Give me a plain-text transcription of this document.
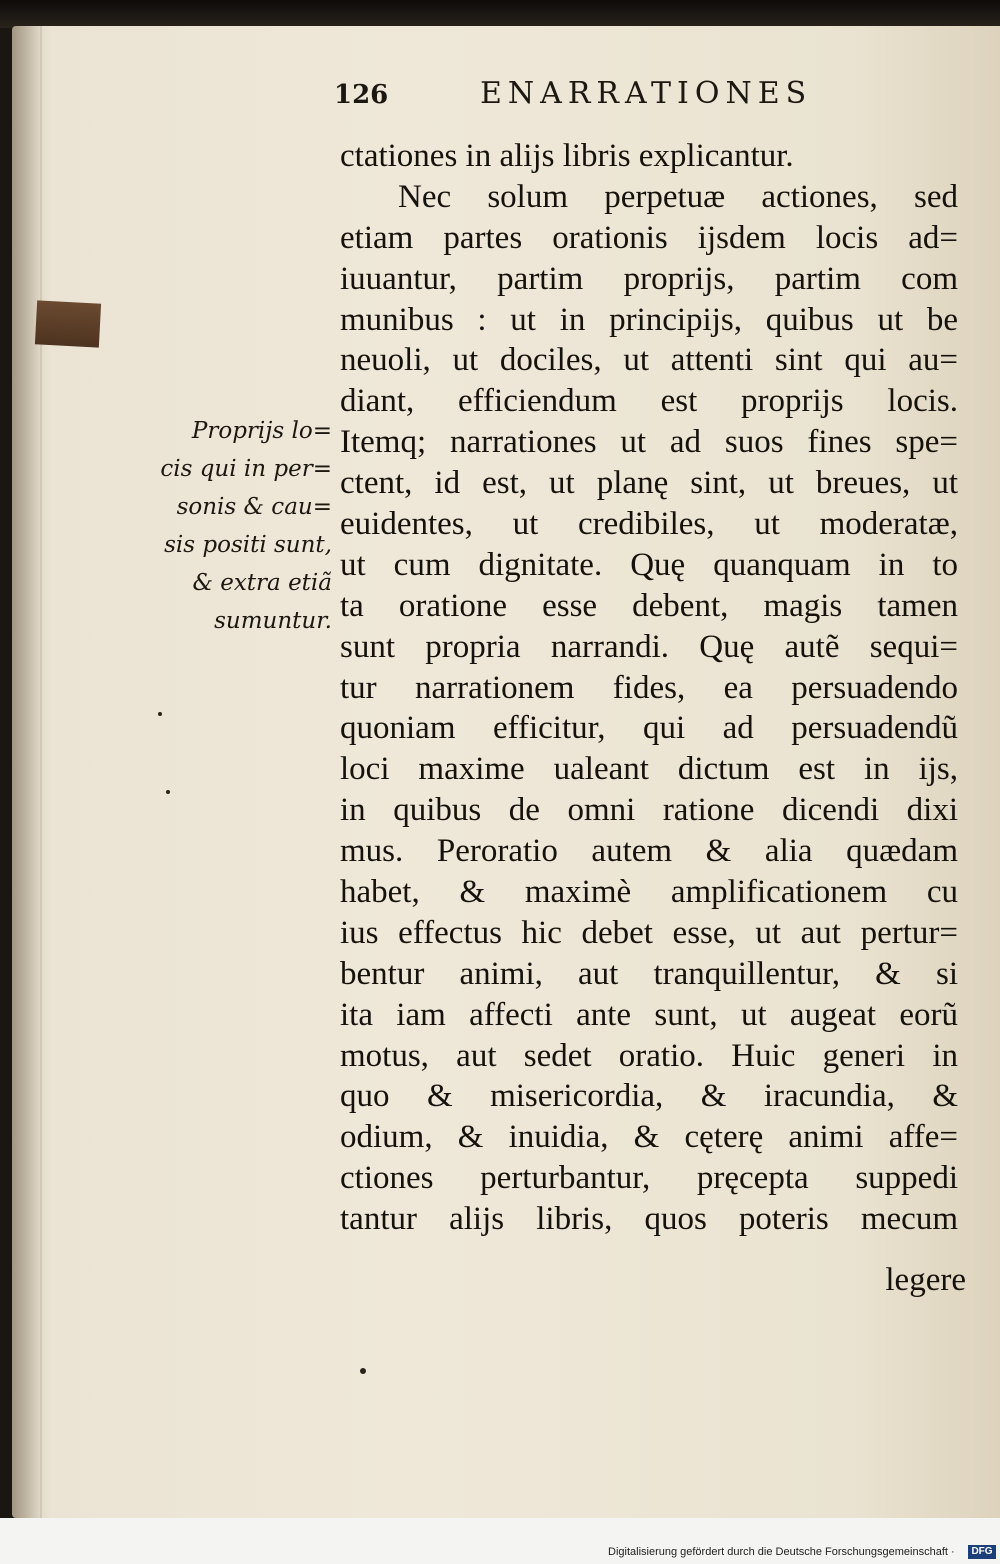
126	ENARRATIONES
Proprijs lo=
cis qui in per=
sonis & cau=
sis positi sunt,
& extra etiã
sumuntur.
ctationes in alijs libris explicantur.
Nec solum perpetuæ actiones, sed
etiam partes orationis ijsdem locis ad=
iuuantur, partim proprijs, partim com
munibus : ut in principijs, quibus ut be
neuoli, ut dociles, ut attenti sint qui au=
diant, efficiendum est proprijs locis.
Itemq; narrationes ut ad suos fines spe=
ctent, id est, ut planę sint, ut breues, ut
euidentes, ut credibiles, ut moderatæ,
ut cum dignitate. Quę quanquam in to
ta oratione esse debent, magis tamen
sunt propria narrandi. Quę autẽ sequi=
tur narrationem fides, ea persuadendo
quoniam efficitur, qui ad persuadendũ
loci maxime ualeant dictum est in ijs,
in quibus de omni ratione dicendi dixi
mus. Peroratio autem & alia quædam
habet, & maximè amplificationem cu
ius effectus hic debet esse, ut aut pertur=
bentur animi, aut tranquillentur, & si
ita iam affecti ante sunt, ut augeat eorũ
motus, aut sedet oratio. Huic generi in
quo & misericordia, & iracundia, &
odium, & inuidia, & cęterę animi affe=
ctiones perturbantur, pręcepta suppedi
tantur alijs libris, quos poteris mecum
legere
Digitalisierung gefördert durch die Deutsche Forschungsgemeinschaft ·	DFG
